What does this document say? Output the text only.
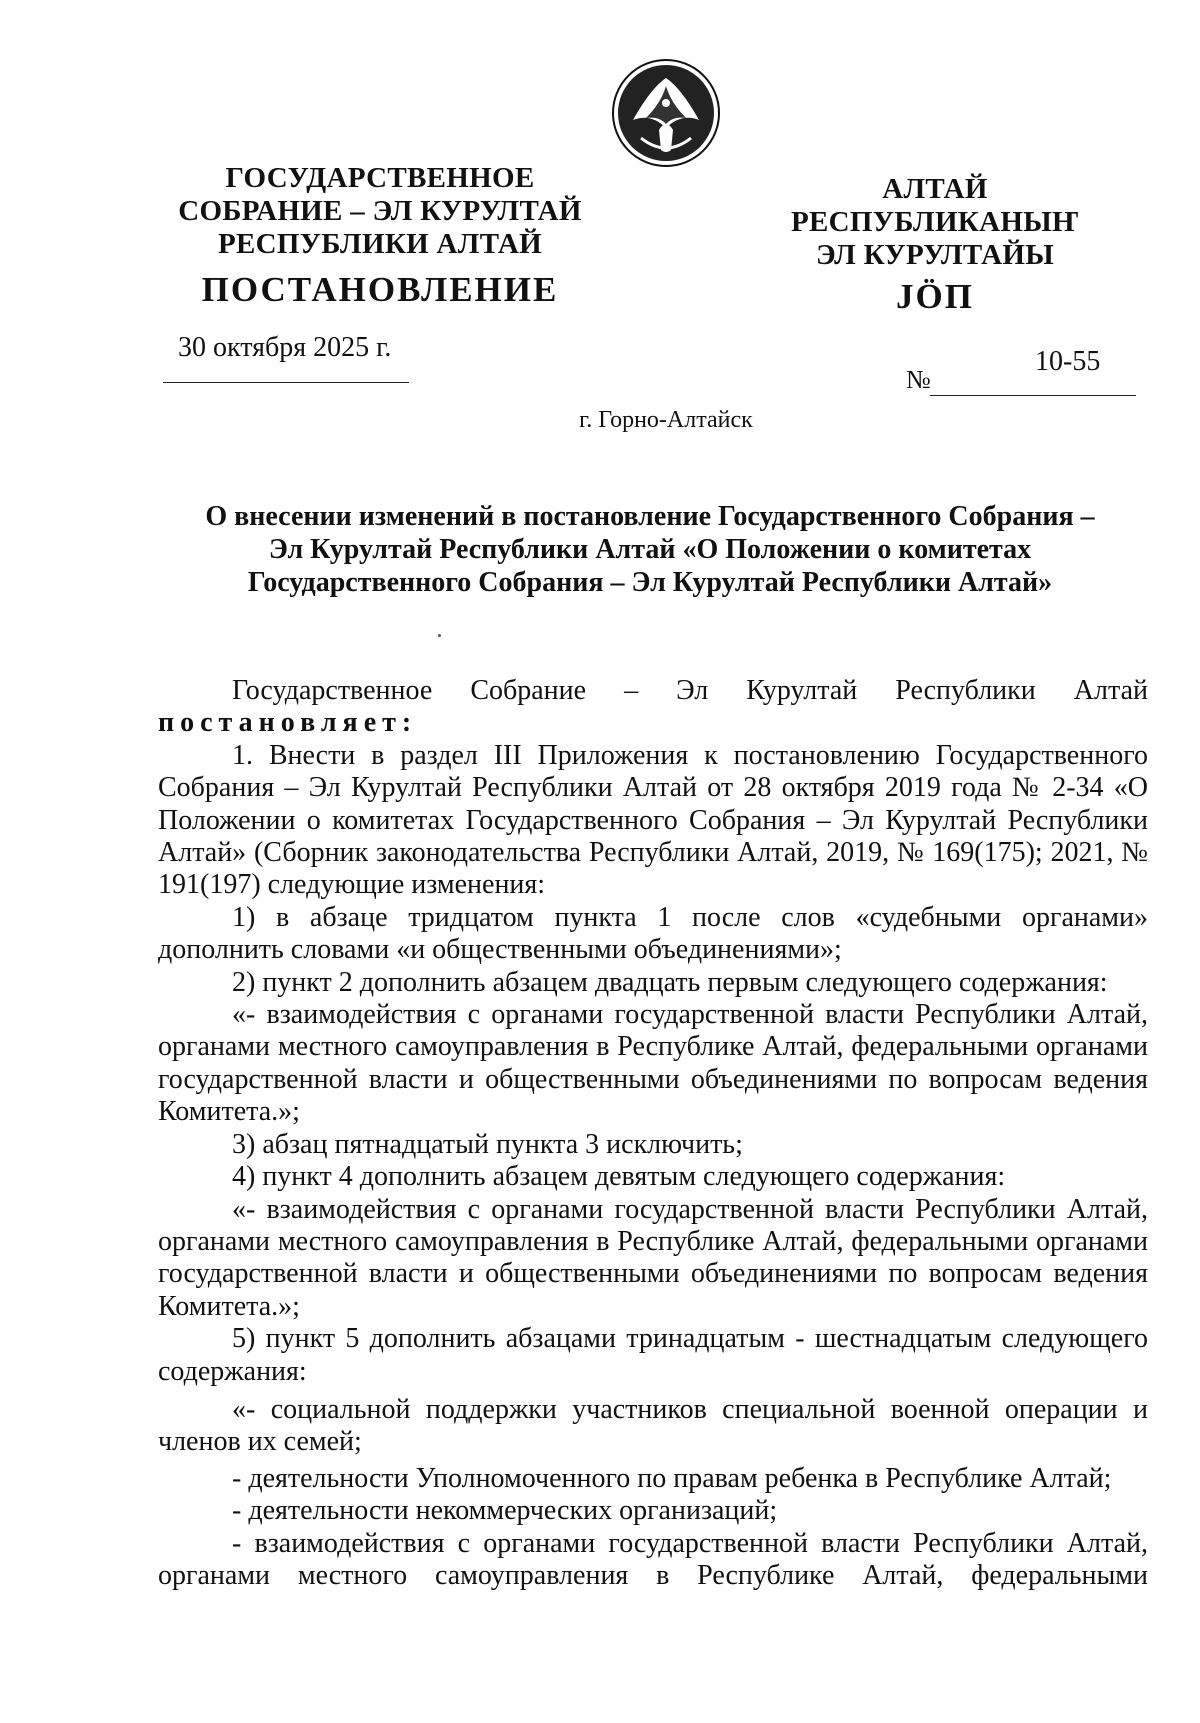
ГОСУДАРСТВЕННОЕ
СОБРАНИЕ – ЭЛ КУРУЛТАЙ
РЕСПУБЛИКИ АЛТАЙ
ПОСТАНОВЛЕНИЕ
АЛТАЙ РЕСПУБЛИКАНЫҤ
ЭЛ КУРУЛТАЙЫ
JÖП
30 октября 2025 г.
№
10-55
г. Горно-Алтайск
О внесении изменений в постановление Государственного Собрания –
Эл Курултай Республики Алтай «О Положении о комитетах
Государственного Собрания – Эл Курултай Республики Алтай»

Государственное Собрание – Эл Курултай Республики Алтай

постановляет:

1. Внести в раздел III Приложения к постановлению Государственного Собрания – Эл Курултай Республики Алтай от 28 октября 2019 года № 2-34 «О Положении о комитетах Государственного Собрания – Эл Курултай Республики Алтай» (Сборник законодательства Республики Алтай, 2019, № 169(175); 2021, № 191(197) следующие изменения:

1) в абзаце тридцатом пункта 1 после слов «судебными органами» дополнить словами «и общественными объединениями»;

2) пункт 2 дополнить абзацем двадцать первым следующего содержания:

«- взаимодействия с органами государственной власти Республики Алтай, органами местного самоуправления в Республике Алтай, федеральными органами государственной власти и общественными объединениями по вопросам ведения Комитета.»;

3) абзац пятнадцатый пункта 3 исключить;

4) пункт 4 дополнить абзацем девятым следующего содержания:

«- взаимодействия с органами государственной власти Республики Алтай, органами местного самоуправления в Республике Алтай, федеральными органами государственной власти и общественными объединениями по вопросам ведения Комитета.»;

5) пункт 5 дополнить абзацами тринадцатым - шестнадцатым следующего содержания:

«- социальной поддержки участников специальной военной операции и членов их семей;

- деятельности Уполномоченного по правам ребенка в Республике Алтай;

- деятельности некоммерческих организаций;

- взаимодействия с органами государственной власти Республики Алтай, органами местного самоуправления в Республике Алтай, федеральными
